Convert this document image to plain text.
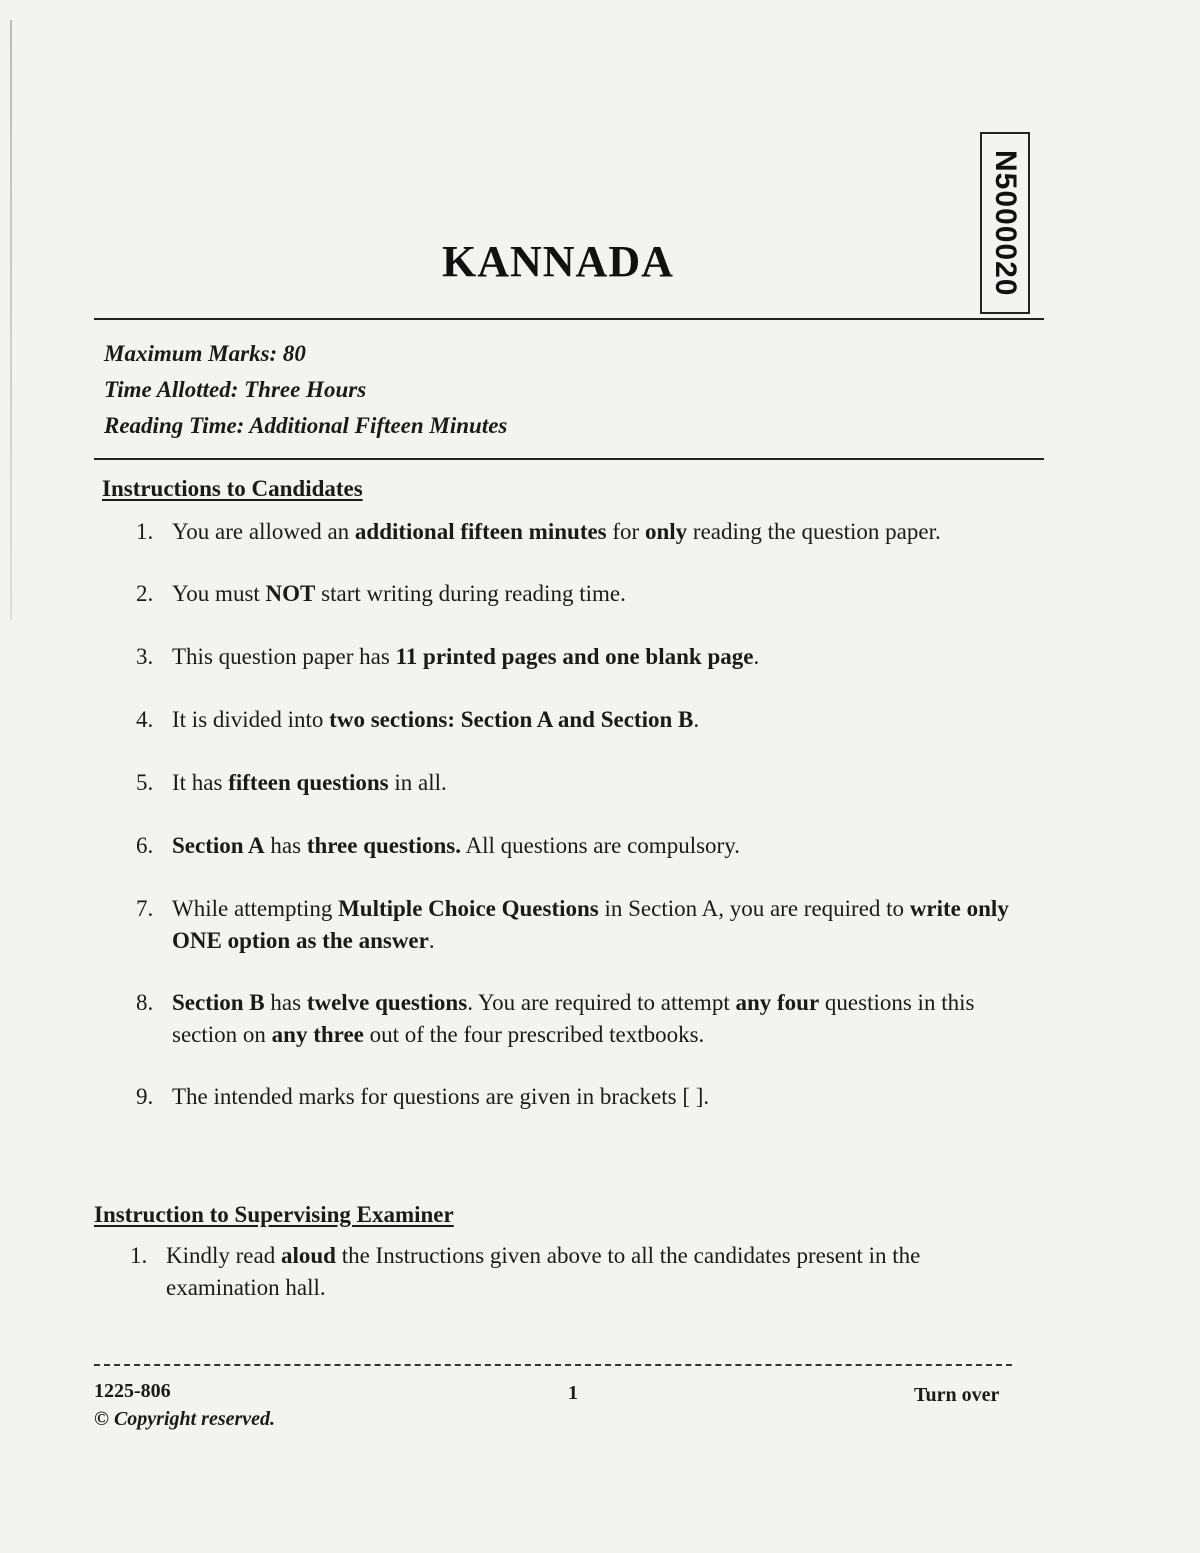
N5000020
KANNADA
Maximum Marks: 80
Time Allotted: Three Hours
Reading Time: Additional Fifteen Minutes
Instructions to Candidates
1. You are allowed an additional fifteen minutes for only reading the question paper.
2. You must NOT start writing during reading time.
3. This question paper has 11 printed pages and one blank page.
4. It is divided into two sections: Section A and Section B.
5. It has fifteen questions in all.
6. Section A has three questions. All questions are compulsory.
7. While attempting Multiple Choice Questions in Section A, you are required to write only ONE option as the answer.
8. Section B has twelve questions. You are required to attempt any four questions in this section on any three out of the four prescribed textbooks.
9. The intended marks for questions are given in brackets [ ].
Instruction to Supervising Examiner
1. Kindly read aloud the Instructions given above to all the candidates present in the examination hall.
1225-806
© Copyright reserved.
1	Turn over
